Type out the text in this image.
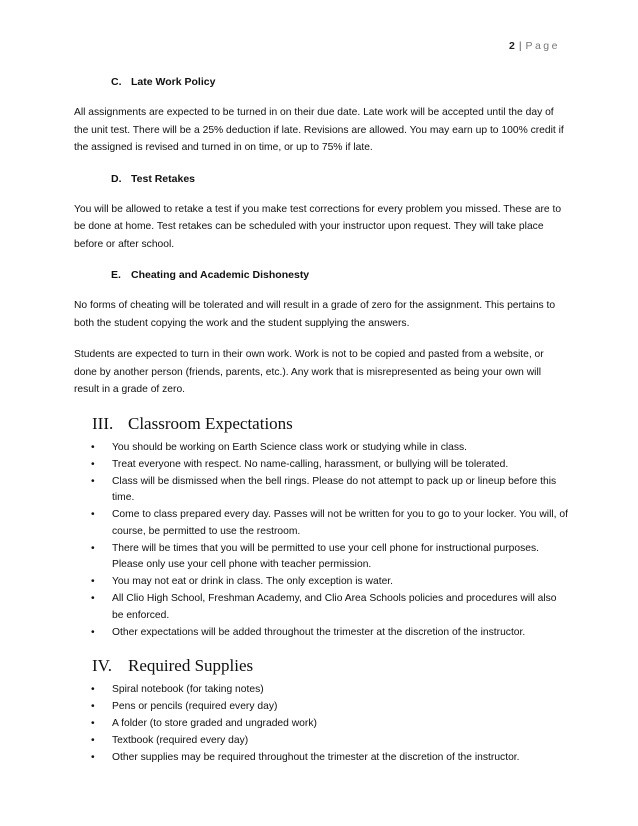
2 | Page
C. Late Work Policy

All assignments are expected to be turned in on their due date. Late work will be accepted until the day of the unit test. There will be a 25% deduction if late. Revisions are allowed. You may earn up to 100% credit if the assigned is revised and turned in on time, or up to 75% if late.

D. Test Retakes

You will be allowed to retake a test if you make test corrections for every problem you missed. These are to be done at home. Test retakes can be scheduled with your instructor upon request. They will take place before or after school.

E. Cheating and Academic Dishonesty

No forms of cheating will be tolerated and will result in a grade of zero for the assignment. This pertains to both the student copying the work and the student supplying the answers.

Students are expected to turn in their own work. Work is not to be copied and pasted from a website, or done by another person (friends, parents, etc.). Any work that is misrepresented as being your own will result in a grade of zero.

III. Classroom Expectations
• You should be working on Earth Science class work or studying while in class.
• Treat everyone with respect. No name-calling, harassment, or bullying will be tolerated.
• Class will be dismissed when the bell rings. Please do not attempt to pack up or lineup before this time.
• Come to class prepared every day. Passes will not be written for you to go to your locker. You will, of course, be permitted to use the restroom.
• There will be times that you will be permitted to use your cell phone for instructional purposes. Please only use your cell phone with teacher permission.
• You may not eat or drink in class. The only exception is water.
• All Clio High School, Freshman Academy, and Clio Area Schools policies and procedures will also be enforced.
• Other expectations will be added throughout the trimester at the discretion of the instructor.
IV. Required Supplies
• Spiral notebook (for taking notes)
• Pens or pencils (required every day)
• A folder (to store graded and ungraded work)
• Textbook (required every day)
• Other supplies may be required throughout the trimester at the discretion of the instructor.
